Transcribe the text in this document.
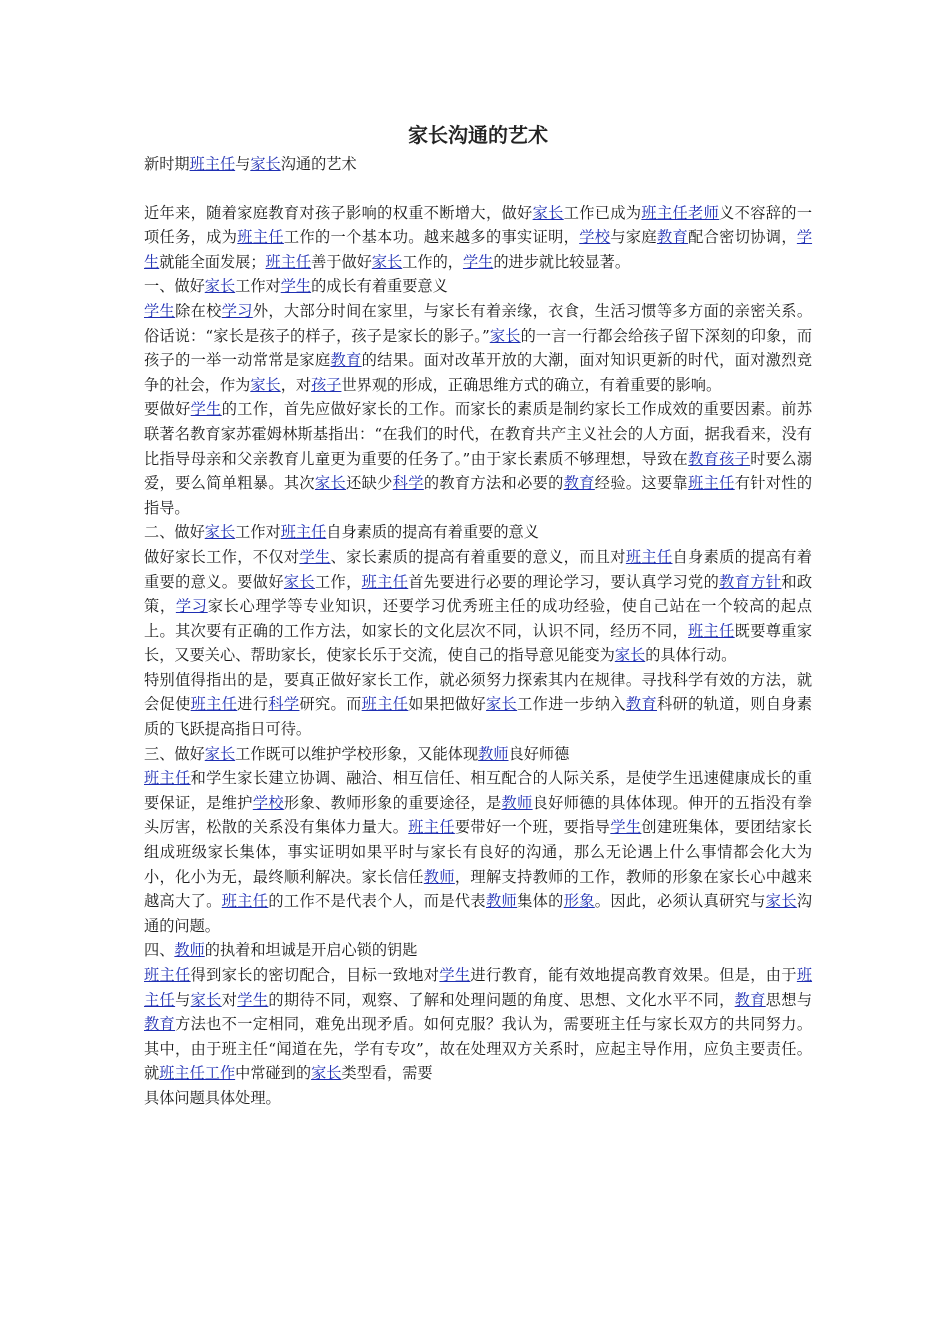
家长沟通的艺术

新时期班主任与家长沟通的艺术

近年来，随着家庭教育对孩子影响的权重不断增大，做好家长工作已成为班主任老师义不容辞的一项任务，成为班主任工作的一个基本功。越来越多的事实证明，学校与家庭教育配合密切协调，学生就能全面发展；班主任善于做好家长工作的，学生的进步就比较显著。

一、做好家长工作对学生的成长有着重要意义

学生除在校学习外，大部分时间在家里，与家长有着亲缘，衣食，生活习惯等多方面的亲密关系。俗话说：“家长是孩子的样子，孩子是家长的影子。”家长的一言一行都会给孩子留下深刻的印象，而孩子的一举一动常常是家庭教育的结果。面对改革开放的大潮，面对知识更新的时代，面对激烈竞争的社会，作为家长，对孩子世界观的形成，正确思维方式的确立，有着重要的影响。

要做好学生的工作，首先应做好家长的工作。而家长的素质是制约家长工作成效的重要因素。前苏联著名教育家苏霍姆林斯基指出：“在我们的时代，在教育共产主义社会的人方面，据我看来，没有比指导母亲和父亲教育儿童更为重要的任务了。”由于家长素质不够理想，导致在教育孩子时要么溺爱，要么简单粗暴。其次家长还缺少科学的教育方法和必要的教育经验。这要靠班主任有针对性的指导。

二、做好家长工作对班主任自身素质的提高有着重要的意义

做好家长工作，不仅对学生、家长素质的提高有着重要的意义，而且对班主任自身素质的提高有着重要的意义。要做好家长工作，班主任首先要进行必要的理论学习，要认真学习党的教育方针和政策，学习家长心理学等专业知识，还要学习优秀班主任的成功经验，使自己站在一个较高的起点上。其次要有正确的工作方法，如家长的文化层次不同，认识不同，经历不同，班主任既要尊重家长，又要关心、帮助家长，使家长乐于交流，使自己的指导意见能变为家长的具体行动。

特别值得指出的是，要真正做好家长工作，就必须努力探索其内在规律。寻找科学有效的方法，就会促使班主任进行科学研究。而班主任如果把做好家长工作进一步纳入教育科研的轨道，则自身素质的飞跃提高指日可待。

三、做好家长工作既可以维护学校形象，又能体现教师良好师德

班主任和学生家长建立协调、融洽、相互信任、相互配合的人际关系，是使学生迅速健康成长的重要保证，是维护学校形象、教师形象的重要途径，是教师良好师德的具体体现。伸开的五指没有拳头厉害，松散的关系没有集体力量大。班主任要带好一个班，要指导学生创建班集体，要团结家长组成班级家长集体，事实证明如果平时与家长有良好的沟通，那么无论遇上什么事情都会化大为小，化小为无，最终顺利解决。家长信任教师，理解支持教师的工作，教师的形象在家长心中越来越高大了。班主任的工作不是代表个人，而是代表教师集体的形象。因此，必须认真研究与家长沟通的问题。

四、教师的执着和坦诚是开启心锁的钥匙

班主任得到家长的密切配合，目标一致地对学生进行教育，能有效地提高教育效果。但是，由于班主任与家长对学生的期待不同，观察、了解和处理问题的角度、思想、文化水平不同，教育思想与教育方法也不一定相同，难免出现矛盾。如何克服？我认为，需要班主任与家长双方的共同努力。其中，由于班主任“闻道在先，学有专攻”，故在处理双方关系时，应起主导作用，应负主要责任。就班主任工作中常碰到的家长类型看，需要

具体问题具体处理。
